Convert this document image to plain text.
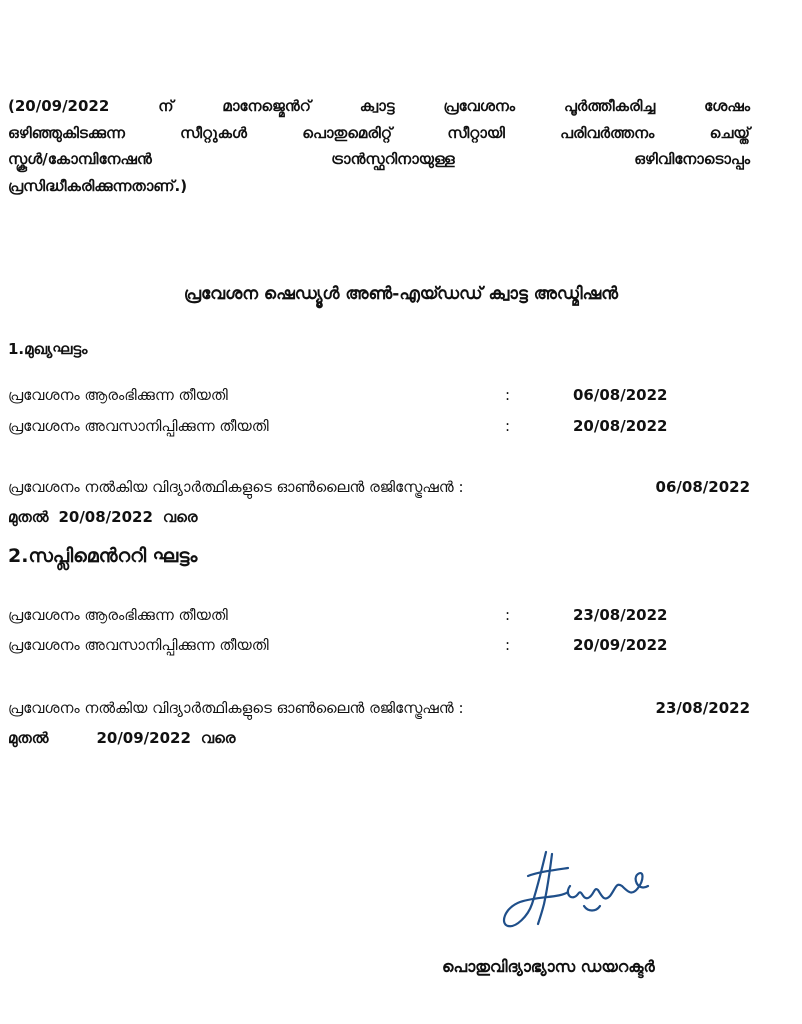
(20/09/2022 ന് മാനേജ്മെൻറ് ക്വാട്ട പ്രവേശനം പൂർത്തീകരിച്ച ശേഷം
ഒഴിഞ്ഞുകിടക്കുന്ന സീറ്റുകൾ പൊതുമെരിറ്റ് സീറ്റായി പരിവർത്തനം ചെയ്ത്
സ്കൂൾ/കോമ്പിനേഷൻ ട്രാൻസ്ഫറിനായുള്ള ഒഴിവിനോടൊപ്പം
പ്രസിദ്ധീകരിക്കുന്നതാണ്.)
പ്രവേശന ഷെഡ്യൂൾ അൺ-എയ്ഡഡ് ക്വാട്ട അഡ്മിഷൻ
1.മുഖ്യഘട്ടം
പ്രവേശനം ആരംഭിക്കുന്ന തീയതി	:	06/08/2022
പ്രവേശനം അവസാനിപ്പിക്കുന്ന തീയതി	:	20/08/2022
പ്രവേശനം നൽകിയ വിദ്യാർത്ഥികളുടെ ഓൺലൈൻ രജിസ്ട്രേഷൻ :	06/08/2022
മുതൽ 20/08/2022 വരെ
2.സപ്ലിമെൻററി ഘട്ടം
പ്രവേശനം ആരംഭിക്കുന്ന തീയതി	:	23/08/2022
പ്രവേശനം അവസാനിപ്പിക്കുന്ന തീയതി	:	20/09/2022
പ്രവേശനം നൽകിയ വിദ്യാർത്ഥികളുടെ ഓൺലൈൻ രജിസ്ട്രേഷൻ :	23/08/2022
മുതൽ	20/09/2022 വരെ
പൊതുവിദ്യാഭ്യാസ ഡയറക്ടർ
